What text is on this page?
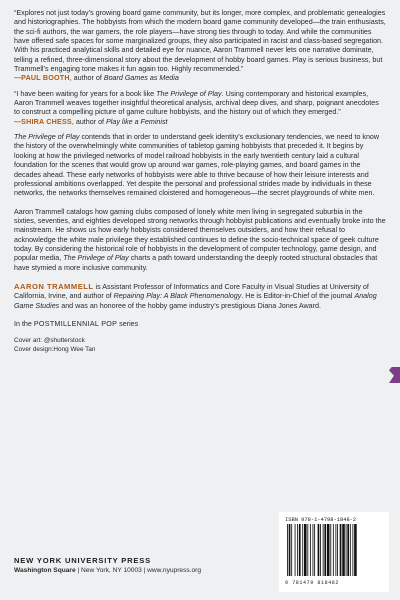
“Explores not just today’s growing board game community, but its longer, more complex, and problematic genealogies and historiographies. The hobbyists from which the modern board game community developed—the train enthusiasts, the sci-fi authors, the war gamers, the role players—have strong ties through to today. And while the communities have offered safe spaces for some marginalized groups, they also participated in racist and class-based segregation. With his practiced analytical skills and detailed eye for nuance, Aaron Trammell never lets one narrative dominate, telling a refined, three-dimensional story about the development of hobby board games. Play is serious business, but Trammell’s engaging tone makes it fun again too. Highly recommended.”

—PAUL BOOTH, author of Board Games as Media

“I have been waiting for years for a book like The Privilege of Play. Using contemporary and historical examples, Aaron Trammell weaves together insightful theoretical analysis, archival deep dives, and sharp, poignant anecdotes to construct a compelling picture of game culture hobbyists, and the history out of which they emerged.”

—SHIRA CHESS, author of Play like a Feminist

The Privilege of Play contends that in order to understand geek identity’s exclusionary tendencies, we need to know the history of the overwhelmingly white communities of tabletop gaming hobbyists that preceded it. It begins by looking at how the privileged networks of model railroad hobbyists in the early twentieth century laid a cultural foundation for the scenes that would grow up around war games, role-playing games, and board games in the decades ahead. These early networks of hobbyists were able to thrive because of how their leisure interests and professional ambitions overlapped. Yet despite the personal and professional strides made by individuals in these networks, the networks themselves remained cloistered and homogeneous—the secret playgrounds of white men.

Aaron Trammell catalogs how gaming clubs composed of lonely white men living in segregated suburbia in the sixties, seventies, and eighties developed strong networks through hobbyist publications and eventually broke into the mainstream. He shows us how early hobbyists considered themselves outsiders, and how their refusal to acknowledge the white male privilege they established continues to define the socio-technical space of geek culture today. By considering the historical role of hobbyists in the development of computer technology, game design, and popular media, The Privilege of Play charts a path toward understanding the deeply rooted structural obstacles that have stymied a more inclusive community.

AARON TRAMMELL is Assistant Professor of Informatics and Core Faculty in Visual Studies at University of California, Irvine, and author of Repairing Play: A Black Phenomenology. He is Editor-in-Chief of the journal Analog Game Studies and was an honoree of the hobby game industry’s prestigious Diana Jones Award.

In the POSTMILLENNIAL POP series
Cover art: @shutterstock
Cover design:Hong Wee Tan
NEW YORK UNIVERSITY PRESS
Washington Square | New York, NY 10003 | www.nyupress.org
ISBN 978-1-4798-1848-2
9 781479 818482
